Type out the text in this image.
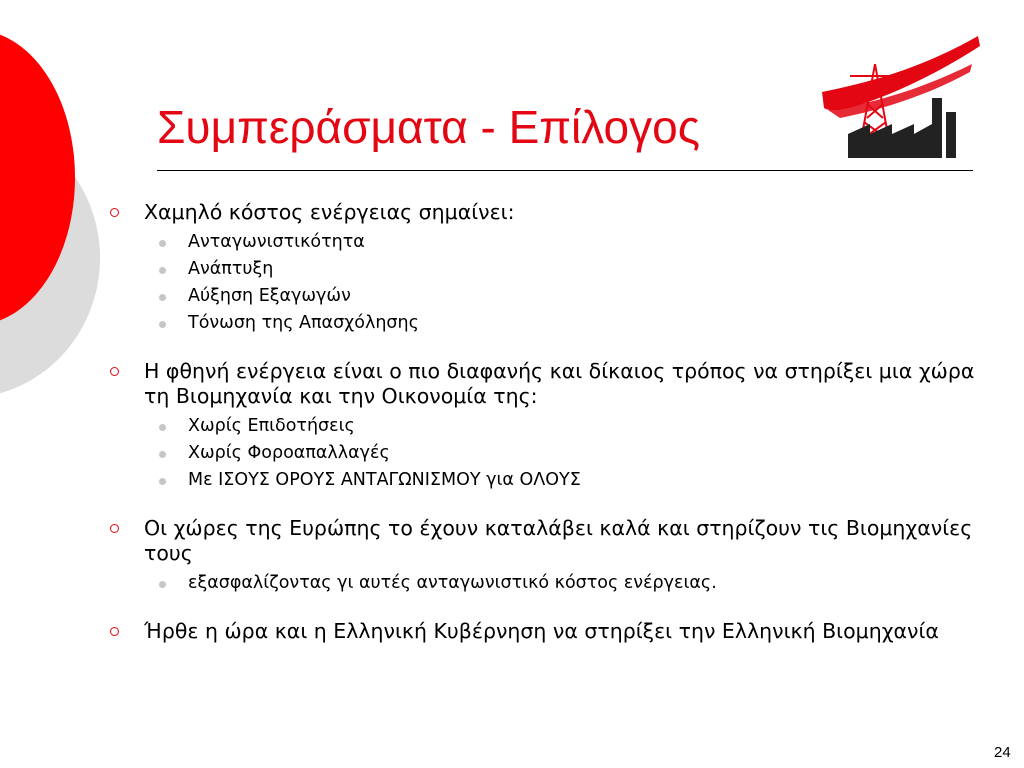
Συμπεράσματα - Επίλογος
Χαμηλό κόστος ενέργειας σημαίνει:
Ανταγωνιστικότητα
Ανάπτυξη
Αύξηση Εξαγωγών
Τόνωση της Απασχόλησης
Η φθηνή ενέργεια είναι ο πιο διαφανής και δίκαιος τρόπος να στηρίξει μια χώρα τη Βιομηχανία και την Οικονομία της:
Χωρίς Επιδοτήσεις
Χωρίς Φοροαπαλλαγές
Με ΙΣΟΥΣ ΟΡΟΥΣ ΑΝΤΑΓΩΝΙΣΜΟΥ για ΟΛΟΥΣ
Οι χώρες της Ευρώπης το έχουν καταλάβει καλά και στηρίζουν τις Βιομηχανίες τους
εξασφαλίζοντας γι αυτές ανταγωνιστικό κόστος ενέργειας.
Ήρθε η ώρα και η Ελληνική Κυβέρνηση να στηρίξει την Ελληνική Βιομηχανία
24
